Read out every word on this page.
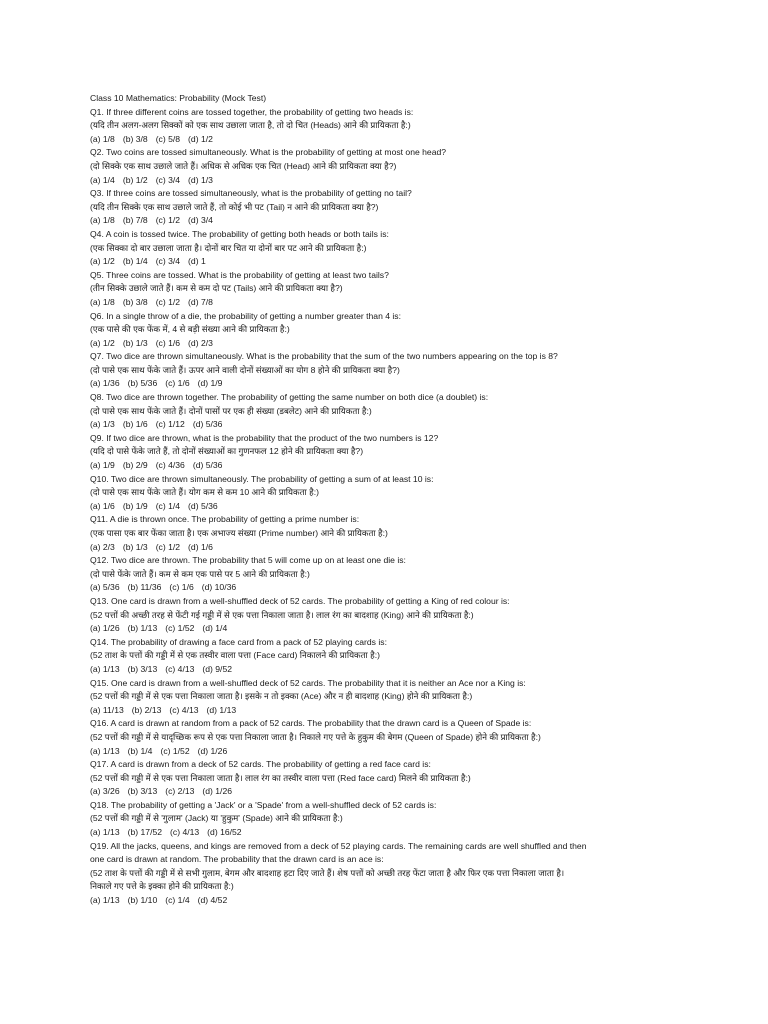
Class 10 Mathematics: Probability (Mock Test)
Q1. If three different coins are tossed together, the probability of getting two heads is:
(यदि तीन अलग-अलग सिक्कों को एक साथ उछाला जाता है, तो दो चित (Heads) आने की प्रायिकता है:)
(a) 1/8 (b) 3/8 (c) 5/8 (d) 1/2
Q2. Two coins are tossed simultaneously. What is the probability of getting at most one head?
(दो सिक्के एक साथ उछाले जाते हैं। अधिक से अधिक एक चित (Head) आने की प्रायिकता क्या है?)
(a) 1/4 (b) 1/2 (c) 3/4 (d) 1/3
Q3. If three coins are tossed simultaneously, what is the probability of getting no tail?
(यदि तीन सिक्के एक साथ उछाले जाते हैं, तो कोई भी पट (Tail) न आने की प्रायिकता क्या है?)
(a) 1/8 (b) 7/8 (c) 1/2 (d) 3/4
Q4. A coin is tossed twice. The probability of getting both heads or both tails is:
(एक सिक्का दो बार उछाला जाता है। दोनों बार चित या दोनों बार पट आने की प्रायिकता है:)
(a) 1/2 (b) 1/4 (c) 3/4 (d) 1
Q5. Three coins are tossed. What is the probability of getting at least two tails?
(तीन सिक्के उछाले जाते हैं। कम से कम दो पट (Tails) आने की प्रायिकता क्या है?)
(a) 1/8 (b) 3/8 (c) 1/2 (d) 7/8
Q6. In a single throw of a die, the probability of getting a number greater than 4 is:
(एक पासे की एक फेंक में, 4 से बड़ी संख्या आने की प्रायिकता है:)
(a) 1/2 (b) 1/3 (c) 1/6 (d) 2/3
Q7. Two dice are thrown simultaneously. What is the probability that the sum of the two numbers appearing on the top is 8?
(दो पासे एक साथ फेंके जाते हैं। ऊपर आने वाली दोनों संख्याओं का योग 8 होने की प्रायिकता क्या है?)
(a) 1/36 (b) 5/36 (c) 1/6 (d) 1/9
Q8. Two dice are thrown together. The probability of getting the same number on both dice (a doublet) is:
(दो पासे एक साथ फेंके जाते हैं। दोनों पासों पर एक ही संख्या (डबलेट) आने की प्रायिकता है:)
(a) 1/3 (b) 1/6 (c) 1/12 (d) 5/36
Q9. If two dice are thrown, what is the probability that the product of the two numbers is 12?
(यदि दो पासे फेंके जाते हैं, तो दोनों संख्याओं का गुणनफल 12 होने की प्रायिकता क्या है?)
(a) 1/9 (b) 2/9 (c) 4/36 (d) 5/36
Q10. Two dice are thrown simultaneously. The probability of getting a sum of at least 10 is:
(दो पासे एक साथ फेंके जाते हैं। योग कम से कम 10 आने की प्रायिकता है:)
(a) 1/6 (b) 1/9 (c) 1/4 (d) 5/36
Q11. A die is thrown once. The probability of getting a prime number is:
(एक पासा एक बार फेंका जाता है। एक अभाज्य संख्या (Prime number) आने की प्रायिकता है:)
(a) 2/3 (b) 1/3 (c) 1/2 (d) 1/6
Q12. Two dice are thrown. The probability that 5 will come up on at least one die is:
(दो पासे फेंके जाते हैं। कम से कम एक पासे पर 5 आने की प्रायिकता है:)
(a) 5/36 (b) 11/36 (c) 1/6 (d) 10/36
Q13. One card is drawn from a well-shuffled deck of 52 cards. The probability of getting a King of red colour is:
(52 पत्तों की अच्छी तरह से फेंटी गई गड्डी में से एक पत्ता निकाला जाता है। लाल रंग का बादशाह (King) आने की प्रायिकता है:)
(a) 1/26 (b) 1/13 (c) 1/52 (d) 1/4
Q14. The probability of drawing a face card from a pack of 52 playing cards is:
(52 ताश के पत्तों की गड्डी में से एक तस्वीर वाला पत्ता (Face card) निकालने की प्रायिकता है:)
(a) 1/13 (b) 3/13 (c) 4/13 (d) 9/52
Q15. One card is drawn from a well-shuffled deck of 52 cards. The probability that it is neither an Ace nor a King is:
(52 पत्तों की गड्डी में से एक पत्ता निकाला जाता है। इसके न तो इक्का (Ace) और न ही बादशाह (King) होने की प्रायिकता है:)
(a) 11/13 (b) 2/13 (c) 4/13 (d) 1/13
Q16. A card is drawn at random from a pack of 52 cards. The probability that the drawn card is a Queen of Spade is:
(52 पत्तों की गड्डी में से यादृच्छिक रूप से एक पत्ता निकाला जाता है। निकाले गए पत्ते के हुकुम की बेगम (Queen of Spade) होने की प्रायिकता है:)
(a) 1/13 (b) 1/4 (c) 1/52 (d) 1/26
Q17. A card is drawn from a deck of 52 cards. The probability of getting a red face card is:
(52 पत्तों की गड्डी में से एक पत्ता निकाला जाता है। लाल रंग का तस्वीर वाला पत्ता (Red face card) मिलने की प्रायिकता है:)
(a) 3/26 (b) 3/13 (c) 2/13 (d) 1/26
Q18. The probability of getting a 'Jack' or a 'Spade' from a well-shuffled deck of 52 cards is:
(52 पत्तों की गड्डी में से 'गुलाम' (Jack) या 'हुकुम' (Spade) आने की प्रायिकता है:)
(a) 1/13 (b) 17/52 (c) 4/13 (d) 16/52
Q19. All the jacks, queens, and kings are removed from a deck of 52 playing cards. The remaining cards are well shuffled and then
one card is drawn at random. The probability that the drawn card is an ace is:
(52 ताश के पत्तों की गड्डी में से सभी गुलाम, बेगम और बादशाह हटा दिए जाते हैं। शेष पत्तों को अच्छी तरह फेंटा जाता है और फिर एक पत्ता निकाला जाता है।
निकाले गए पत्ते के इक्का होने की प्रायिकता है:)
(a) 1/13 (b) 1/10 (c) 1/4 (d) 4/52
